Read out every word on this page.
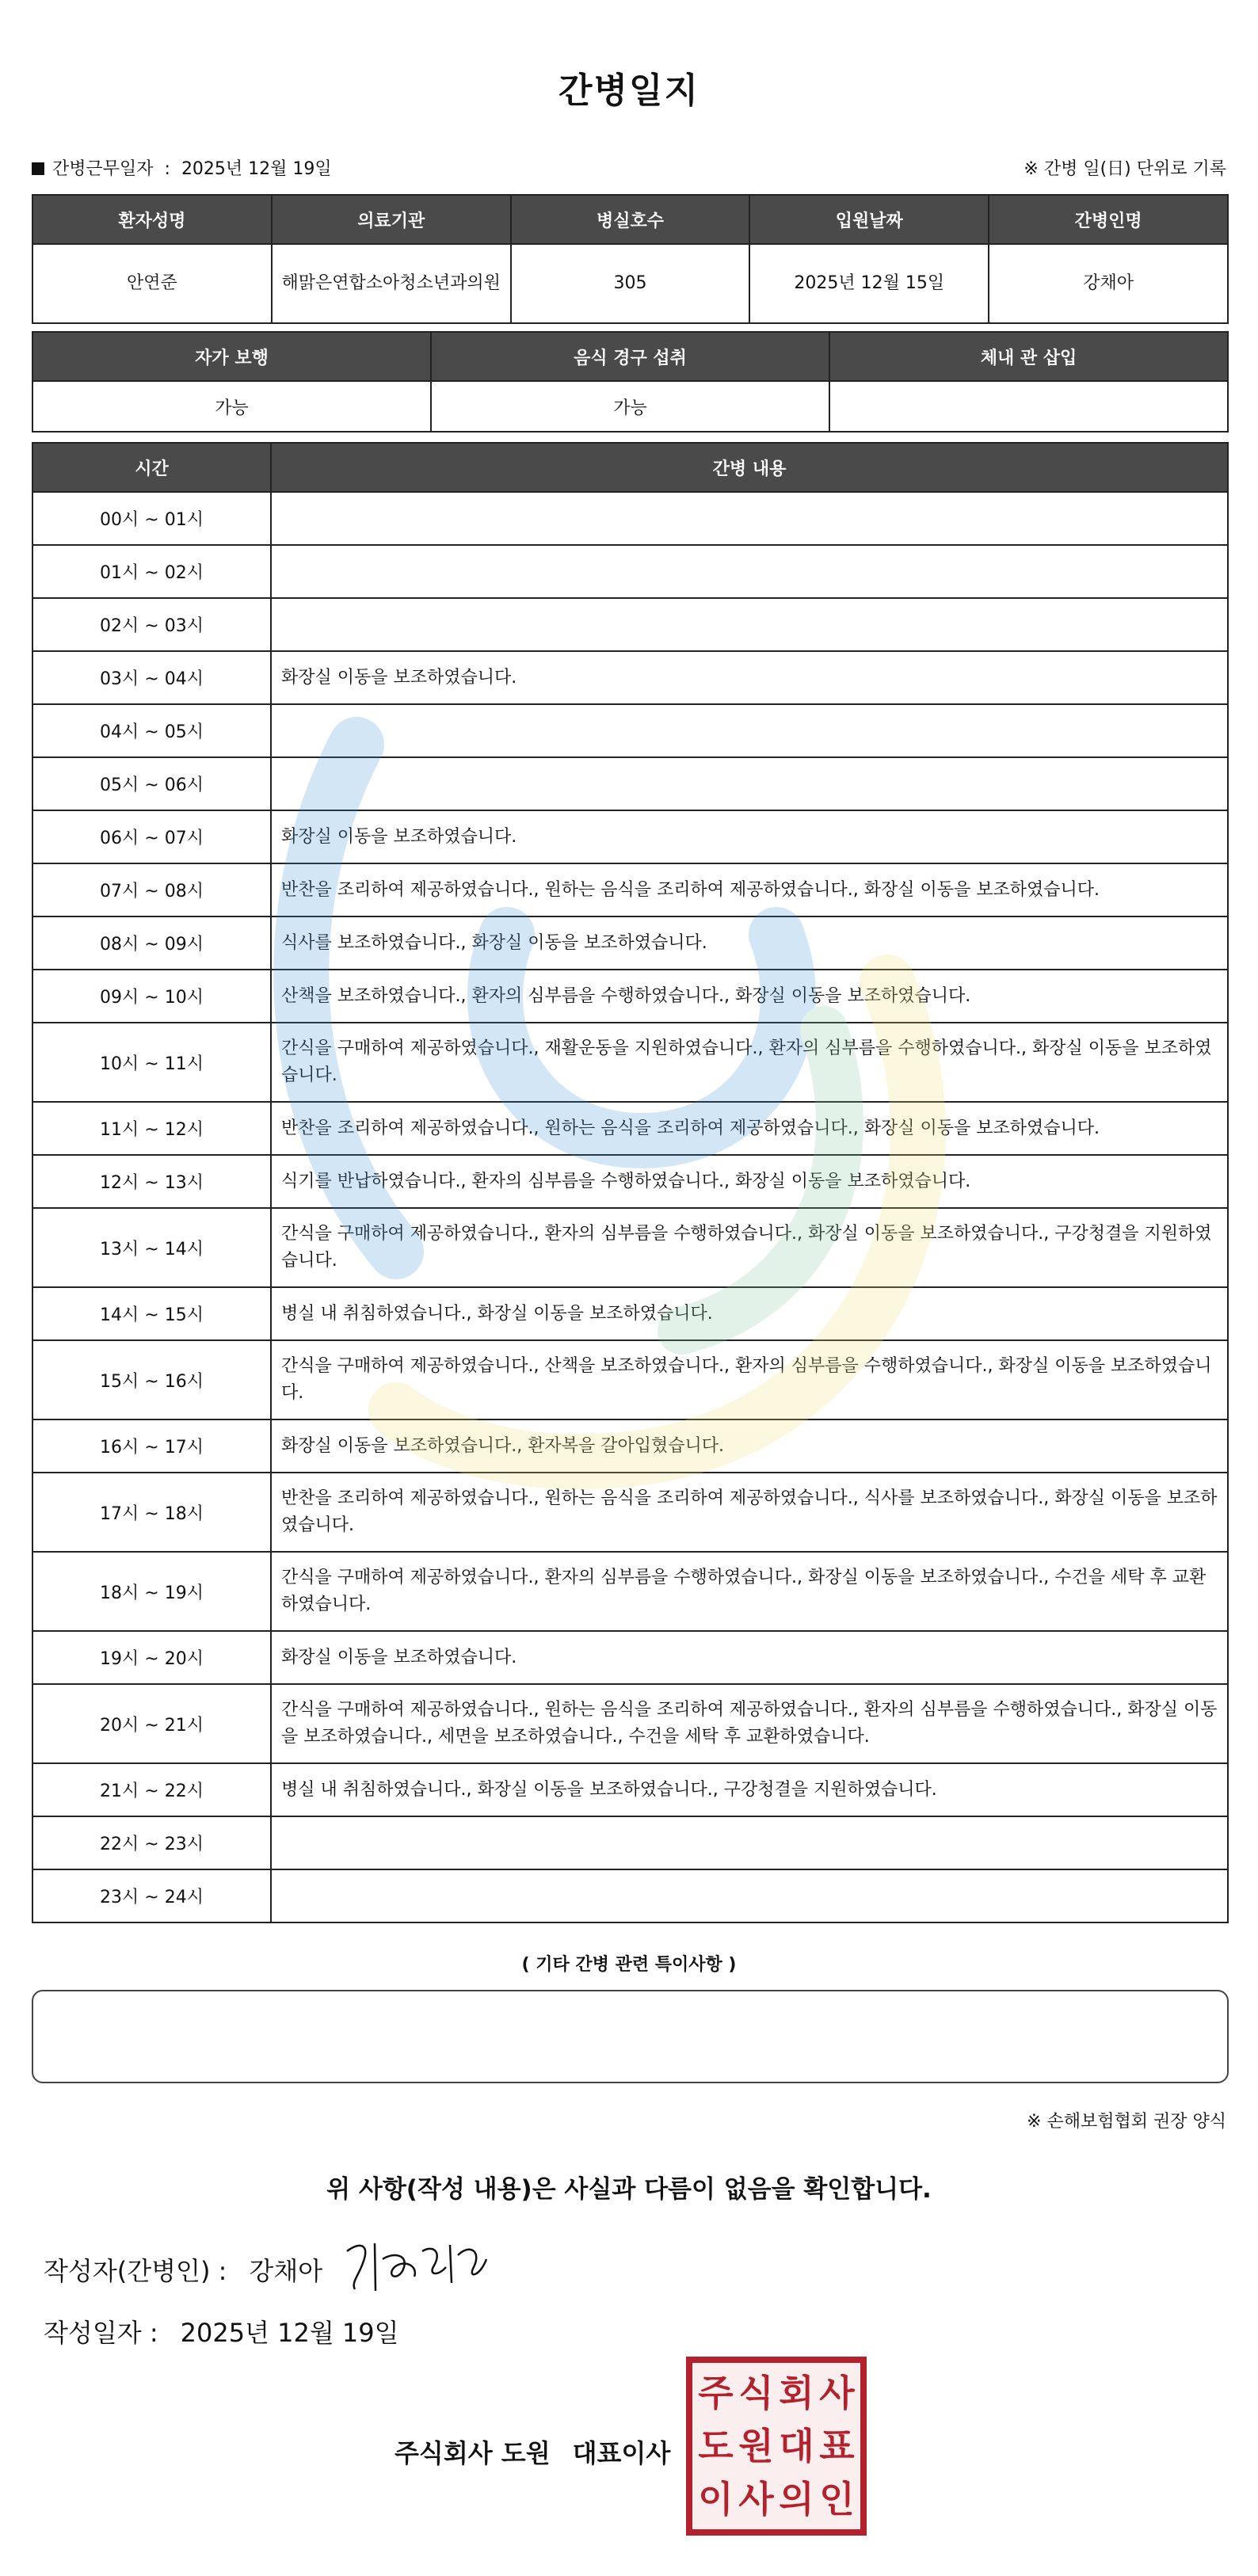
간병일지
간병근무일자 : 2025년 12월 19일	※ 간병 일(日) 단위로 기록
환자성명	의료기관	병실호수	입원날짜	간병인명
안연준	해맑은연합소아청소년과의원	305	2025년 12월 15일	강채아
자가 보행	음식 경구 섭취	체내 관 삽입
가능	가능	
시간	간병 내용
00시 ~ 01시	
01시 ~ 02시	
02시 ~ 03시	
03시 ~ 04시	화장실 이동을 보조하였습니다.
04시 ~ 05시	
05시 ~ 06시	
06시 ~ 07시	화장실 이동을 보조하였습니다.
07시 ~ 08시	반찬을 조리하여 제공하였습니다., 원하는 음식을 조리하여 제공하였습니다., 화장실 이동을 보조하였습니다.
08시 ~ 09시	식사를 보조하였습니다., 화장실 이동을 보조하였습니다.
09시 ~ 10시	산책을 보조하였습니다., 환자의 심부름을 수행하였습니다., 화장실 이동을 보조하였습니다.
10시 ~ 11시	간식을 구매하여 제공하였습니다., 재활운동을 지원하였습니다., 환자의 심부름을 수행하였습니다., 화장실 이동을 보조하였습니다.
11시 ~ 12시	반찬을 조리하여 제공하였습니다., 원하는 음식을 조리하여 제공하였습니다., 화장실 이동을 보조하였습니다.
12시 ~ 13시	식기를 반납하였습니다., 환자의 심부름을 수행하였습니다., 화장실 이동을 보조하였습니다.
13시 ~ 14시	간식을 구매하여 제공하였습니다., 환자의 심부름을 수행하였습니다., 화장실 이동을 보조하였습니다., 구강청결을 지원하였습니다.
14시 ~ 15시	병실 내 취침하였습니다., 화장실 이동을 보조하였습니다.
15시 ~ 16시	간식을 구매하여 제공하였습니다., 산책을 보조하였습니다., 환자의 심부름을 수행하였습니다., 화장실 이동을 보조하였습니다.
16시 ~ 17시	화장실 이동을 보조하였습니다., 환자복을 갈아입혔습니다.
17시 ~ 18시	반찬을 조리하여 제공하였습니다., 원하는 음식을 조리하여 제공하였습니다., 식사를 보조하였습니다., 화장실 이동을 보조하였습니다.
18시 ~ 19시	간식을 구매하여 제공하였습니다., 환자의 심부름을 수행하였습니다., 화장실 이동을 보조하였습니다., 수건을 세탁 후 교환하였습니다.
19시 ~ 20시	화장실 이동을 보조하였습니다.
20시 ~ 21시	간식을 구매하여 제공하였습니다., 원하는 음식을 조리하여 제공하였습니다., 환자의 심부름을 수행하였습니다., 화장실 이동을 보조하였습니다., 세면을 보조하였습니다., 수건을 세탁 후 교환하였습니다.
21시 ~ 22시	병실 내 취침하였습니다., 화장실 이동을 보조하였습니다., 구강청결을 지원하였습니다.
22시 ~ 23시	
23시 ~ 24시	
( 기타 간병 관련 특이사항 )
※ 손해보험협회 권장 양식
위 사항(작성 내용)은 사실과 다름이 없음을 확인합니다.
작성자(간병인) : 강채아
작성일자 : 2025년 12월 19일
주식회사 도원 대표이사
주 식 회 사
도 원 대 표
이 사 의 인
